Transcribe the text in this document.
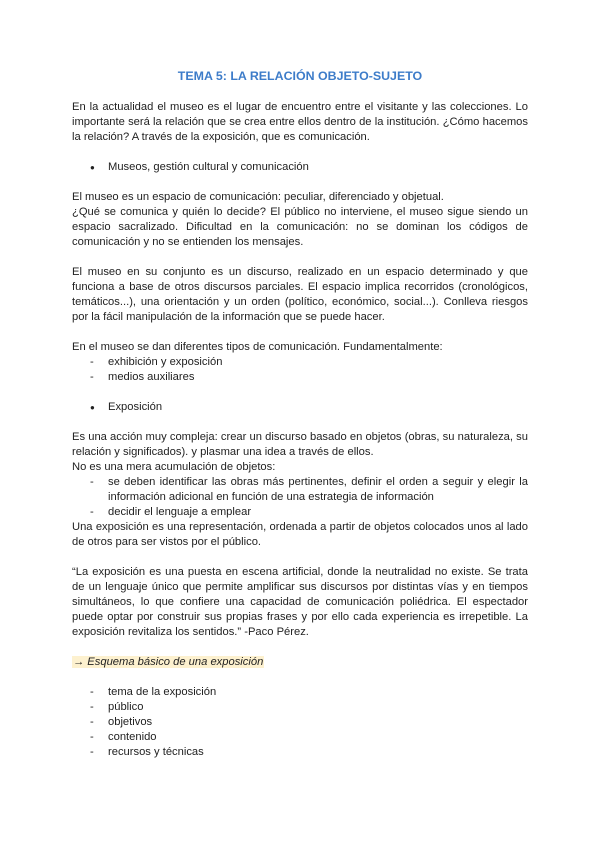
TEMA 5: LA RELACIÓN OBJETO-SUJETO

En la actualidad el museo es el lugar de encuentro entre el visitante y las colecciones. Lo importante será la relación que se crea entre ellos dentro de la institución. ¿Cómo hacemos la relación? A través de la exposición, que es comunicación.

●	Museos, gestión cultural y comunicación

El museo es un espacio de comunicación: peculiar, diferenciado y objetual.

¿Qué se comunica y quién lo decide? El público no interviene, el museo sigue siendo un espacio sacralizado. Dificultad en la comunicación: no se dominan los códigos de comunicación y no se entienden los mensajes.

El museo en su conjunto es un discurso, realizado en un espacio determinado y que funciona a base de otros discursos parciales. El espacio implica recorridos (cronológicos, temáticos...), una orientación y un orden (político, económico, social...). Conlleva riesgos por la fácil manipulación de la información que se puede hacer.

En el museo se dan diferentes tipos de comunicación. Fundamentalmente:

-	exhibición y exposición
-	medios auxiliares
●	Exposición

Es una acción muy compleja: crear un discurso basado en objetos (obras, su naturaleza, su relación y significados). y plasmar una idea a través de ellos.

No es una mera acumulación de objetos:

-	se deben identificar las obras más pertinentes, definir el orden a seguir y elegir la información adicional en función de una estrategia de información
-	decidir el lenguaje a emplear

Una exposición es una representación, ordenada a partir de objetos colocados unos al lado de otros para ser vistos por el público.

“La exposición es una puesta en escena artificial, donde la neutralidad no existe. Se trata de un lenguaje único que permite amplificar sus discursos por distintas vías y en tiempos simultáneos, lo que confiere una capacidad de comunicación poliédrica. El espectador puede optar por construir sus propias frases y por ello cada experiencia es irrepetible. La exposición revitaliza los sentidos.” -Paco Pérez.

→ Esquema básico de una exposición
-	tema de la exposición
-	público
-	objetivos
-	contenido
-	recursos y técnicas
